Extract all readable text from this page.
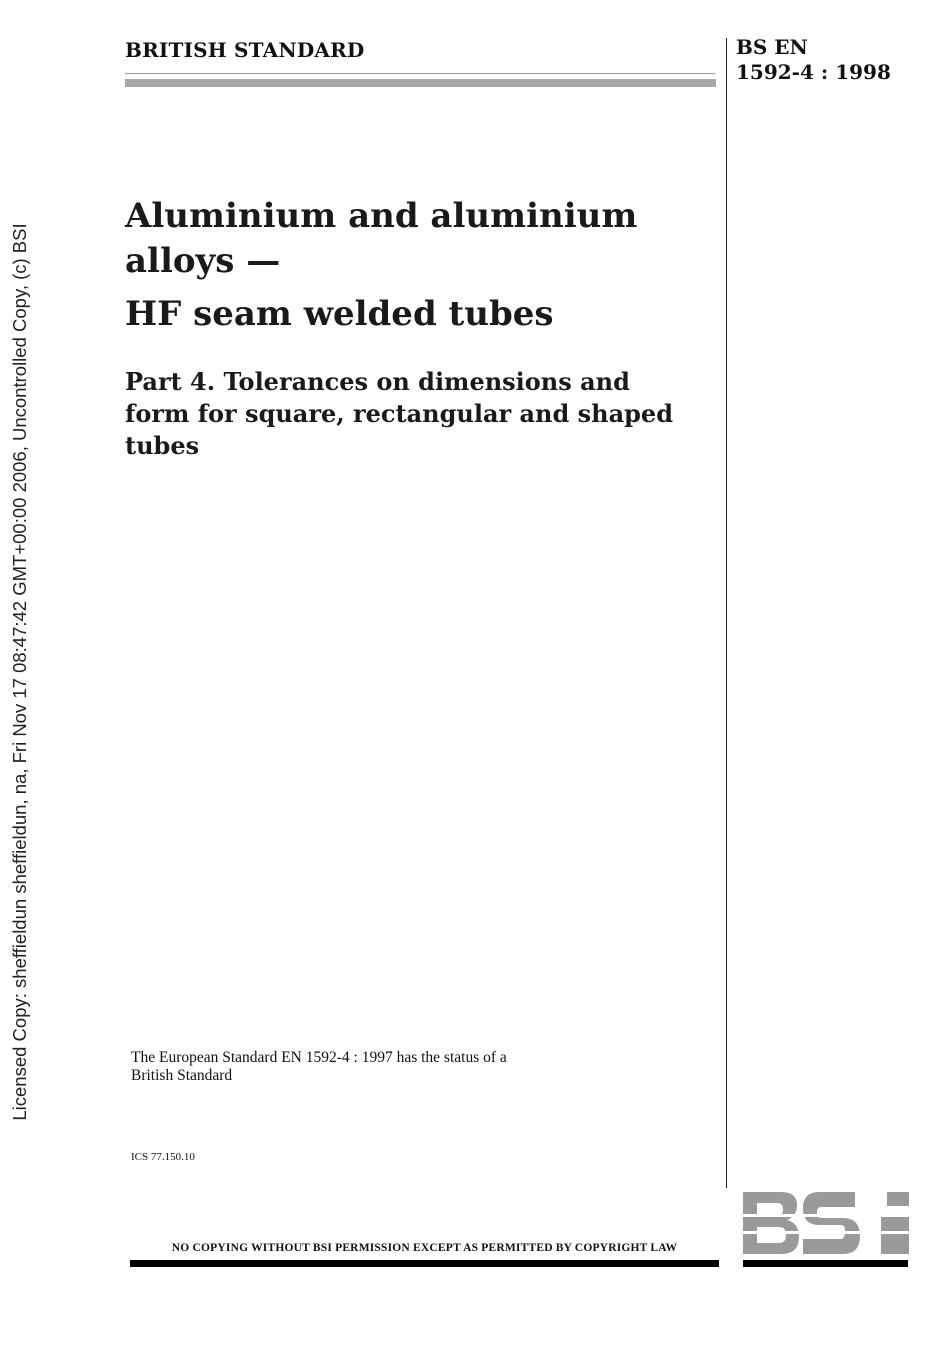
BRITISH STANDARD	BS EN
1592-4 : 1998
Licensed Copy: sheffieldun sheffieldun, na, Fri Nov 17 08:47:42 GMT+00:00 2006, Uncontrolled Copy, (c) BSI
Aluminium and aluminium
alloys —
HF seam welded tubes
Part 4. Tolerances on dimensions and
form for square, rectangular and shaped
tubes
The European Standard EN 1592-4 : 1997 has the status of a
British Standard
ICS 77.150.10
NO COPYING WITHOUT BSI PERMISSION EXCEPT AS PERMITTED BY COPYRIGHT LAW
